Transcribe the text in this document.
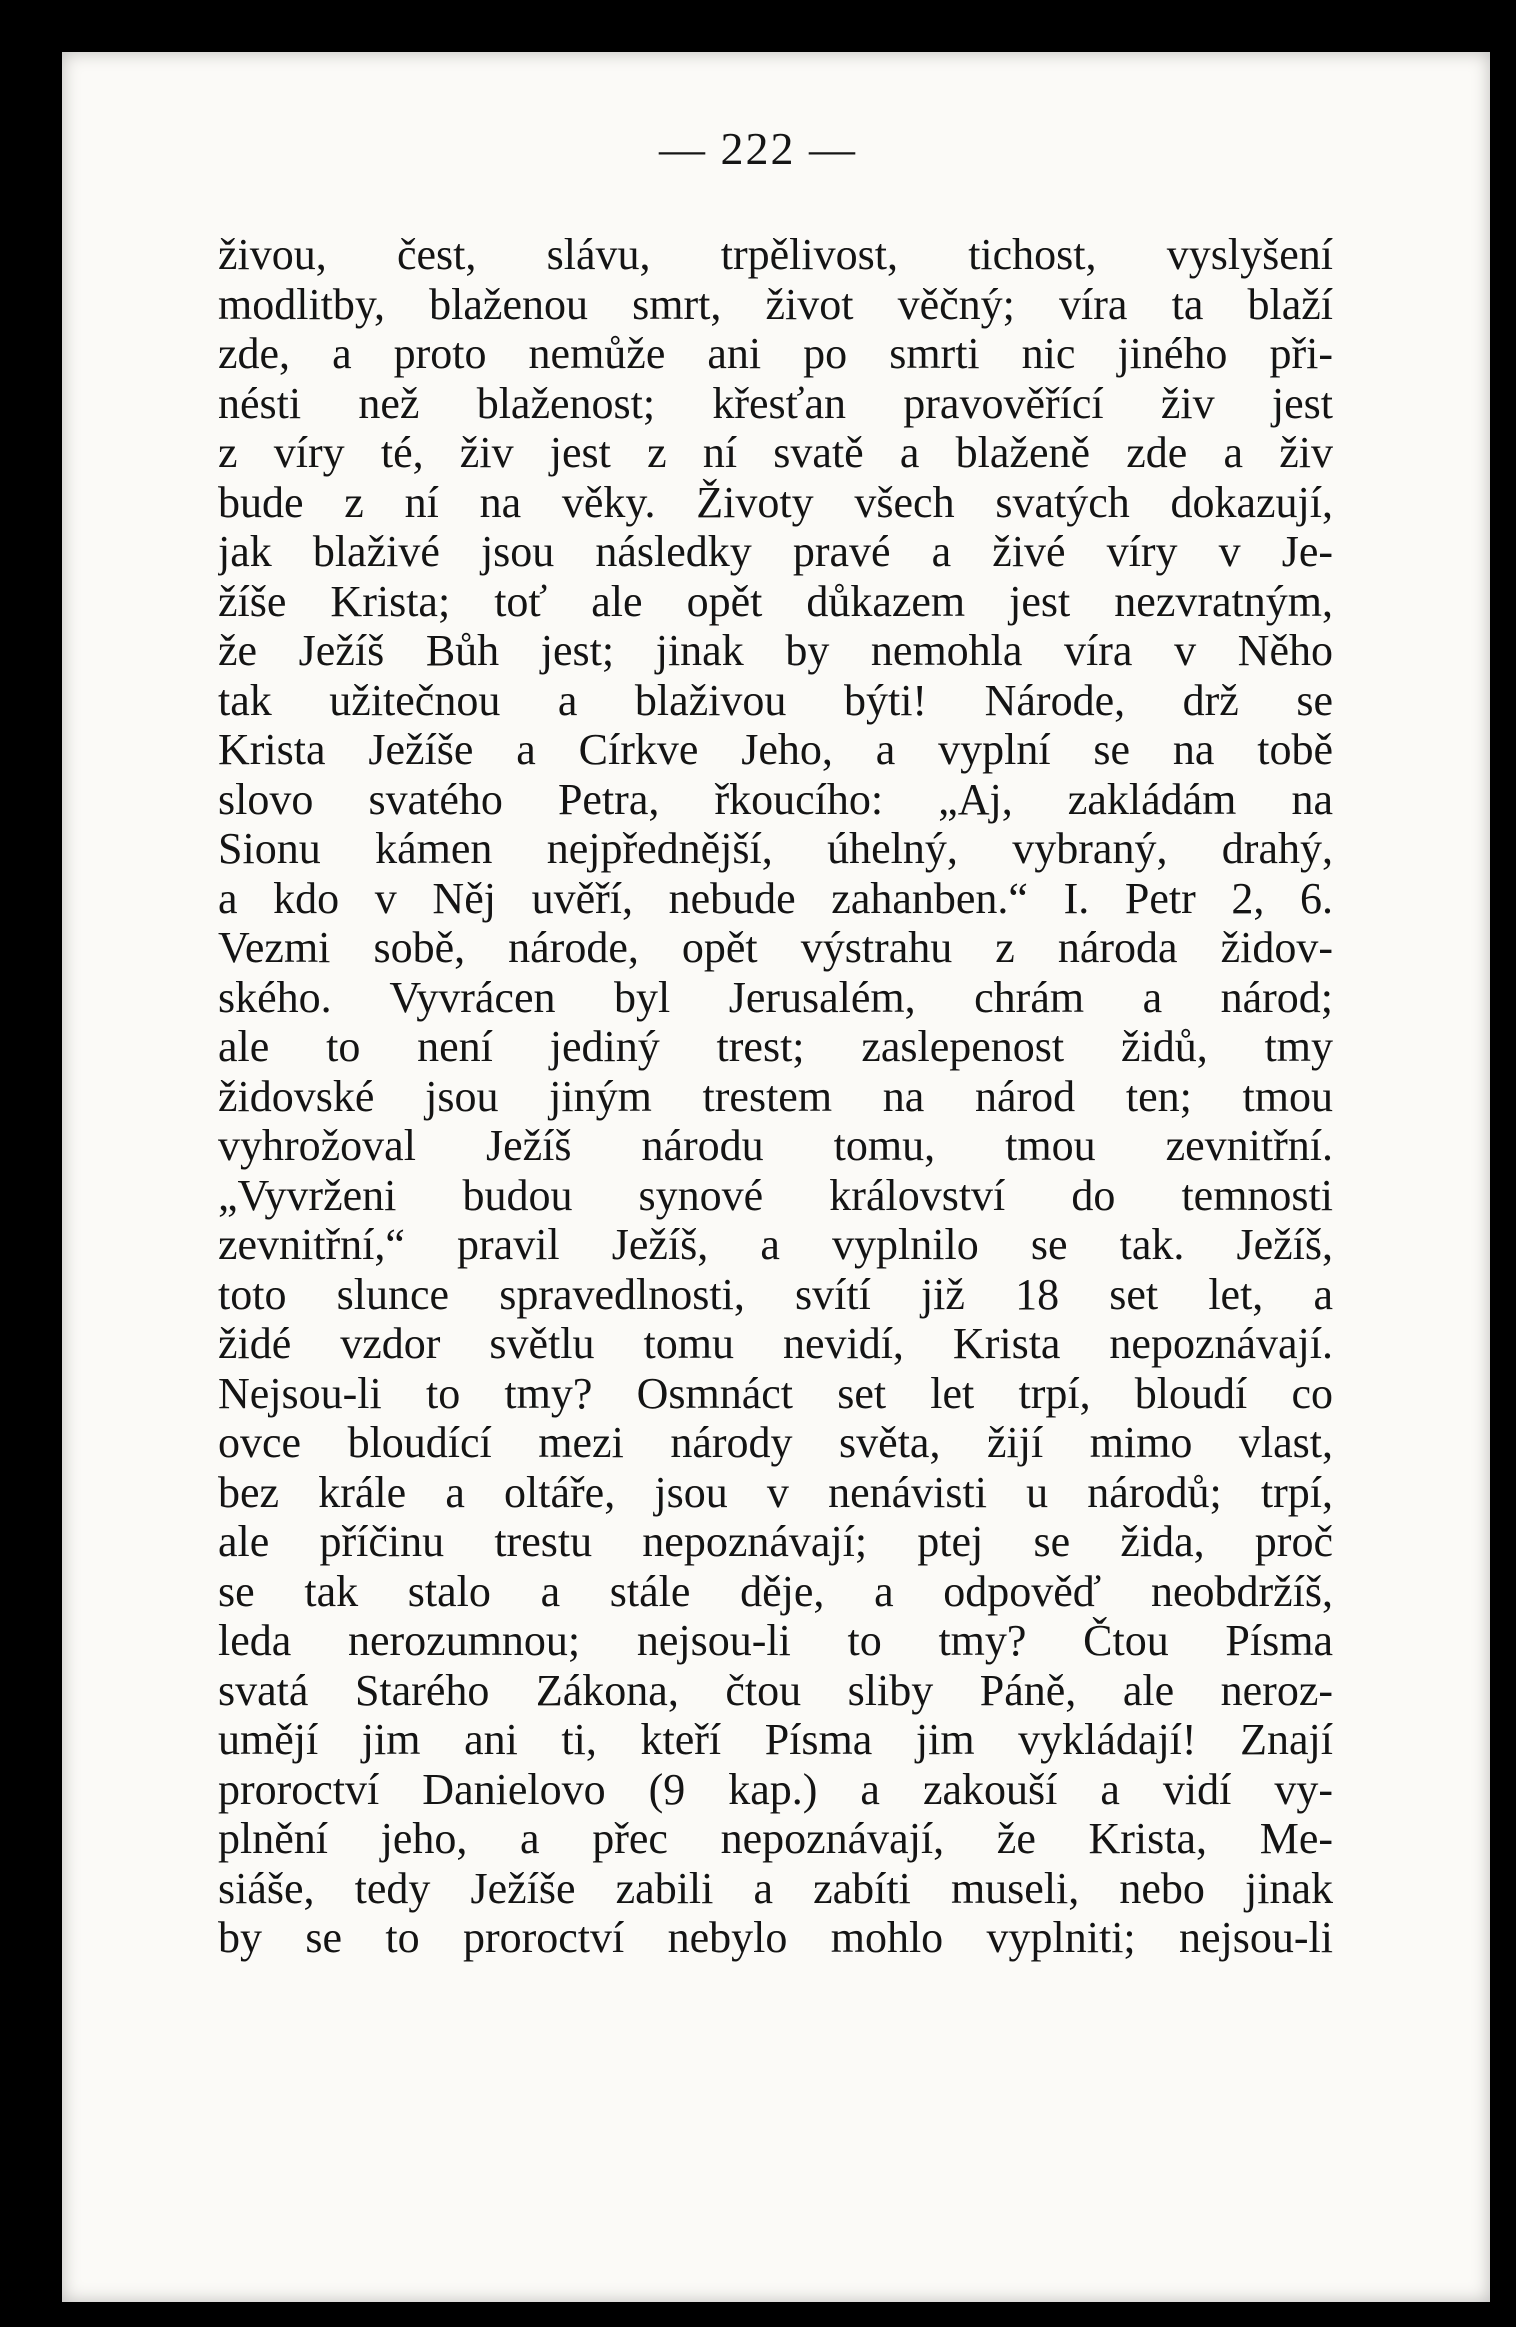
— 222 —
živou, čest, slávu, trpělivost, tichost, vyslyšení
modlitby, blaženou smrt, život věčný; víra ta blaží
zde, a proto nemůže ani po smrti nic jiného při-
nésti než blaženost; křesťan pravověřící živ jest
z víry té, živ jest z ní svatě a blaženě zde a živ
bude z ní na věky. Životy všech svatých dokazují,
jak blaživé jsou následky pravé a živé víry v Je-
žíše Krista; toť ale opět důkazem jest nezvratným,
že Ježíš Bůh jest; jinak by nemohla víra v Něho
tak užitečnou a blaživou býti! Národe, drž se
Krista Ježíše a Církve Jeho, a vyplní se na tobě
slovo svatého Petra, řkoucího: „Aj, zakládám na
Sionu kámen nejpřednější, úhelný, vybraný, drahý,
a kdo v Něj uvěří, nebude zahanben.“ I. Petr 2, 6.
Vezmi sobě, národe, opět výstrahu z národa židov-
ského. Vyvrácen byl Jerusalém, chrám a národ;
ale to není jediný trest; zaslepenost židů, tmy
židovské jsou jiným trestem na národ ten; tmou
vyhrožoval Ježíš národu tomu, tmou zevnitřní.
„Vyvrženi budou synové království do temnosti
zevnitřní,“ pravil Ježíš, a vyplnilo se tak. Ježíš,
toto slunce spravedlnosti, svítí již 18 set let, a
židé vzdor světlu tomu nevidí, Krista nepoznávají.
Nejsou-li to tmy? Osmnáct set let trpí, bloudí co
ovce bloudící mezi národy světa, žijí mimo vlast,
bez krále a oltáře, jsou v nenávisti u národů; trpí,
ale příčinu trestu nepoznávají; ptej se žida, proč
se tak stalo a stále děje, a odpověď neobdržíš,
leda nerozumnou; nejsou-li to tmy? Čtou Písma
svatá Starého Zákona, čtou sliby Páně, ale neroz-
umějí jim ani ti, kteří Písma jim vykládají! Znají
proroctví Danielovo (9 kap.) a zakouší a vidí vy-
plnění jeho, a přec nepoznávají, že Krista, Me-
siáše, tedy Ježíše zabili a zabíti museli, nebo jinak
by se to proroctví nebylo mohlo vyplniti; nejsou-li
